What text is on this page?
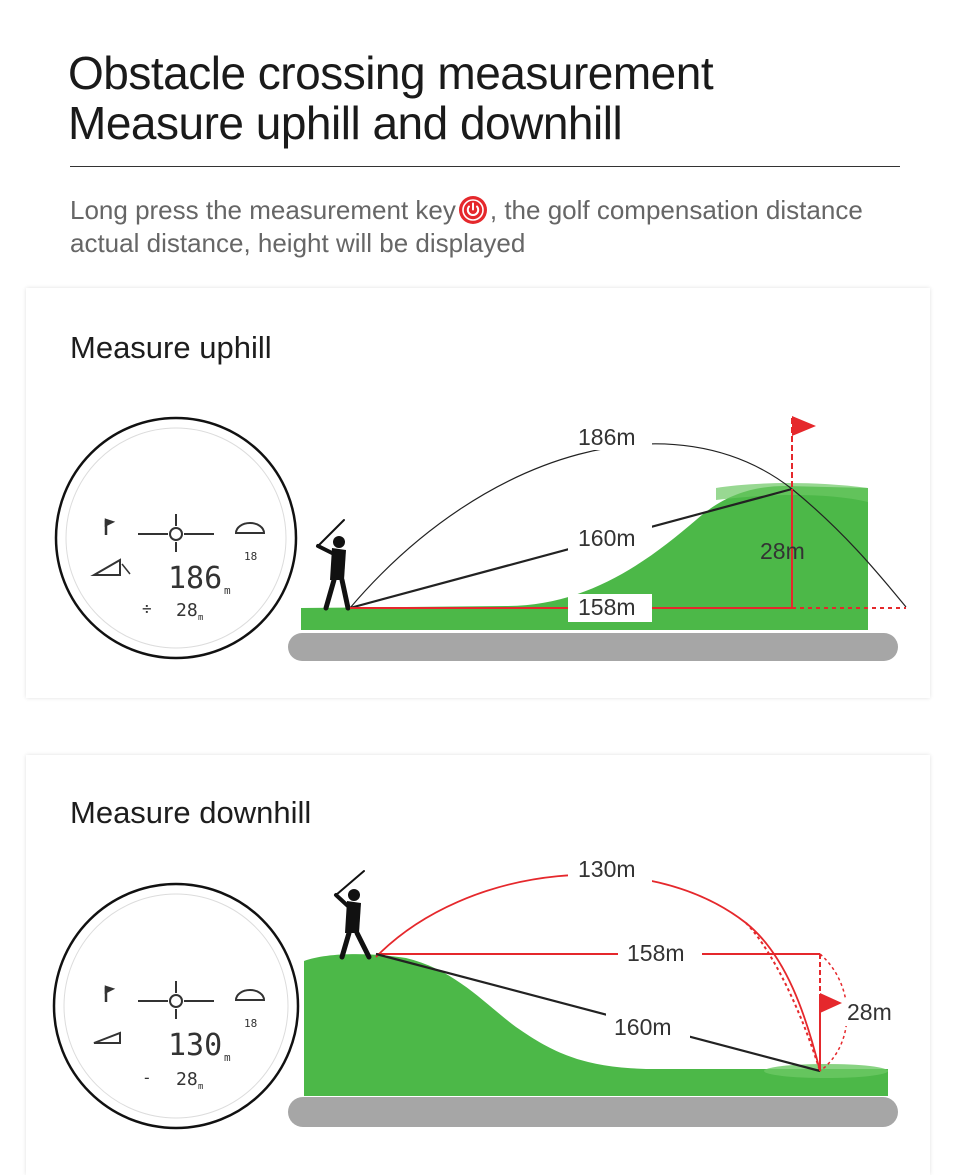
Obstacle crossing measurement
Measure uphill and downhill
Long press the measurement key , the golf compensation distance actual distance, height will be displayed
Measure uphill
18
186 m
÷ 28 m
186m
160m
158m
28m
Measure downhill
18
130 m
- 28 m
130m
158m
160m
28m
